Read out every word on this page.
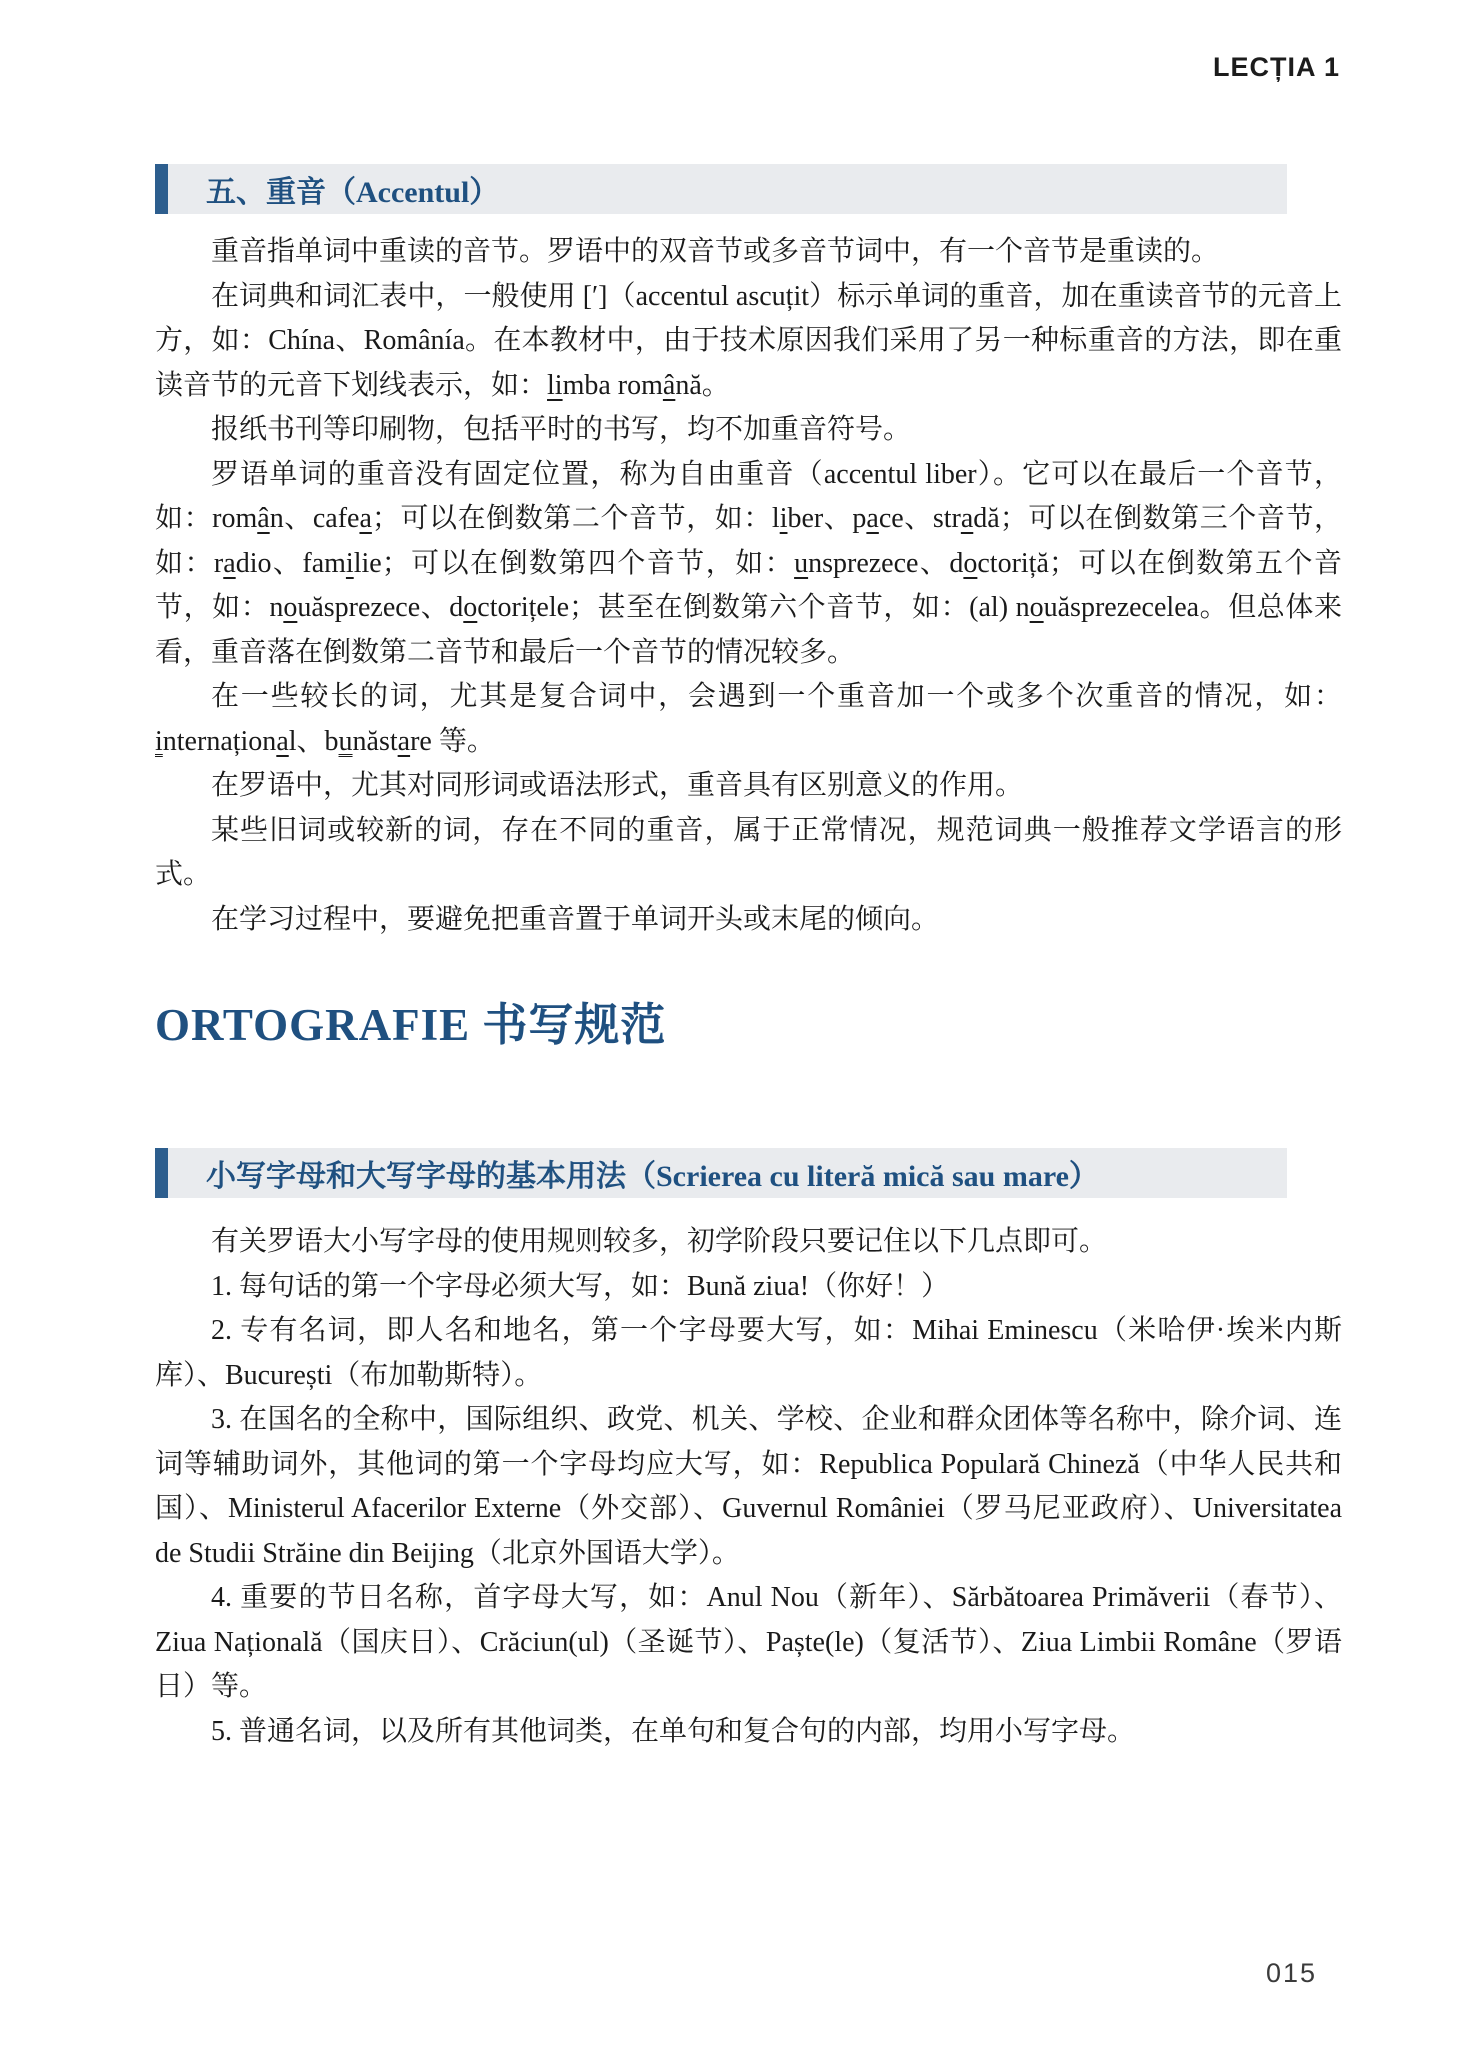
LECȚIA 1
五、重音（Accentul）

重音指单词中重读的音节。罗语中的双音节或多音节词中，有一个音节是重读的。

在词典和词汇表中，一般使用 [′]（accentul ascuțit）标示单词的重音，加在重读音节的元音上方，如：Chína、Românía。在本教材中，由于技术原因我们采用了另一种标重音的方法，即在重读音节的元音下划线表示，如：limba română。

报纸书刊等印刷物，包括平时的书写，均不加重音符号。

罗语单词的重音没有固定位置，称为自由重音（accentul liber）。它可以在最后一个音节，如：român、cafea；可以在倒数第二个音节，如：liber、pace、stradă；可以在倒数第三个音节，如：radio、familie；可以在倒数第四个音节，如：unsprezece、doctoriță；可以在倒数第五个音节，如：nouăsprezece、doctorițele；甚至在倒数第六个音节，如：(al) nouăsprezecelea。但总体来看，重音落在倒数第二音节和最后一个音节的情况较多。

在一些较长的词，尤其是复合词中，会遇到一个重音加一个或多个次重音的情况，如：internațional、bunăstare 等。

在罗语中，尤其对同形词或语法形式，重音具有区别意义的作用。

某些旧词或较新的词，存在不同的重音，属于正常情况，规范词典一般推荐文学语言的形式。

在学习过程中，要避免把重音置于单词开头或末尾的倾向。

ORTOGRAFIE 书写规范
小写字母和大写字母的基本用法（Scrierea cu literă mică sau mare）

有关罗语大小写字母的使用规则较多，初学阶段只要记住以下几点即可。

1. 每句话的第一个字母必须大写，如：Bună ziua!（你好！）

2. 专有名词，即人名和地名，第一个字母要大写，如：Mihai Eminescu（米哈伊·埃米内斯库）、București（布加勒斯特）。

3. 在国名的全称中，国际组织、政党、机关、学校、企业和群众团体等名称中，除介词、连词等辅助词外，其他词的第一个字母均应大写，如：Republica Populară Chineză（中华人民共和国）、Ministerul Afacerilor Externe（外交部）、Guvernul României（罗马尼亚政府）、Universitatea de Studii Străine din Beijing（北京外国语大学）。

4. 重要的节日名称，首字母大写，如：Anul Nou（新年）、Sărbătoarea Primăverii（春节）、Ziua Națională（国庆日）、Crăciun(ul)（圣诞节）、Paște(le)（复活节）、Ziua Limbii Române（罗语日）等。

5. 普通名词，以及所有其他词类，在单句和复合句的内部，均用小写字母。

015
